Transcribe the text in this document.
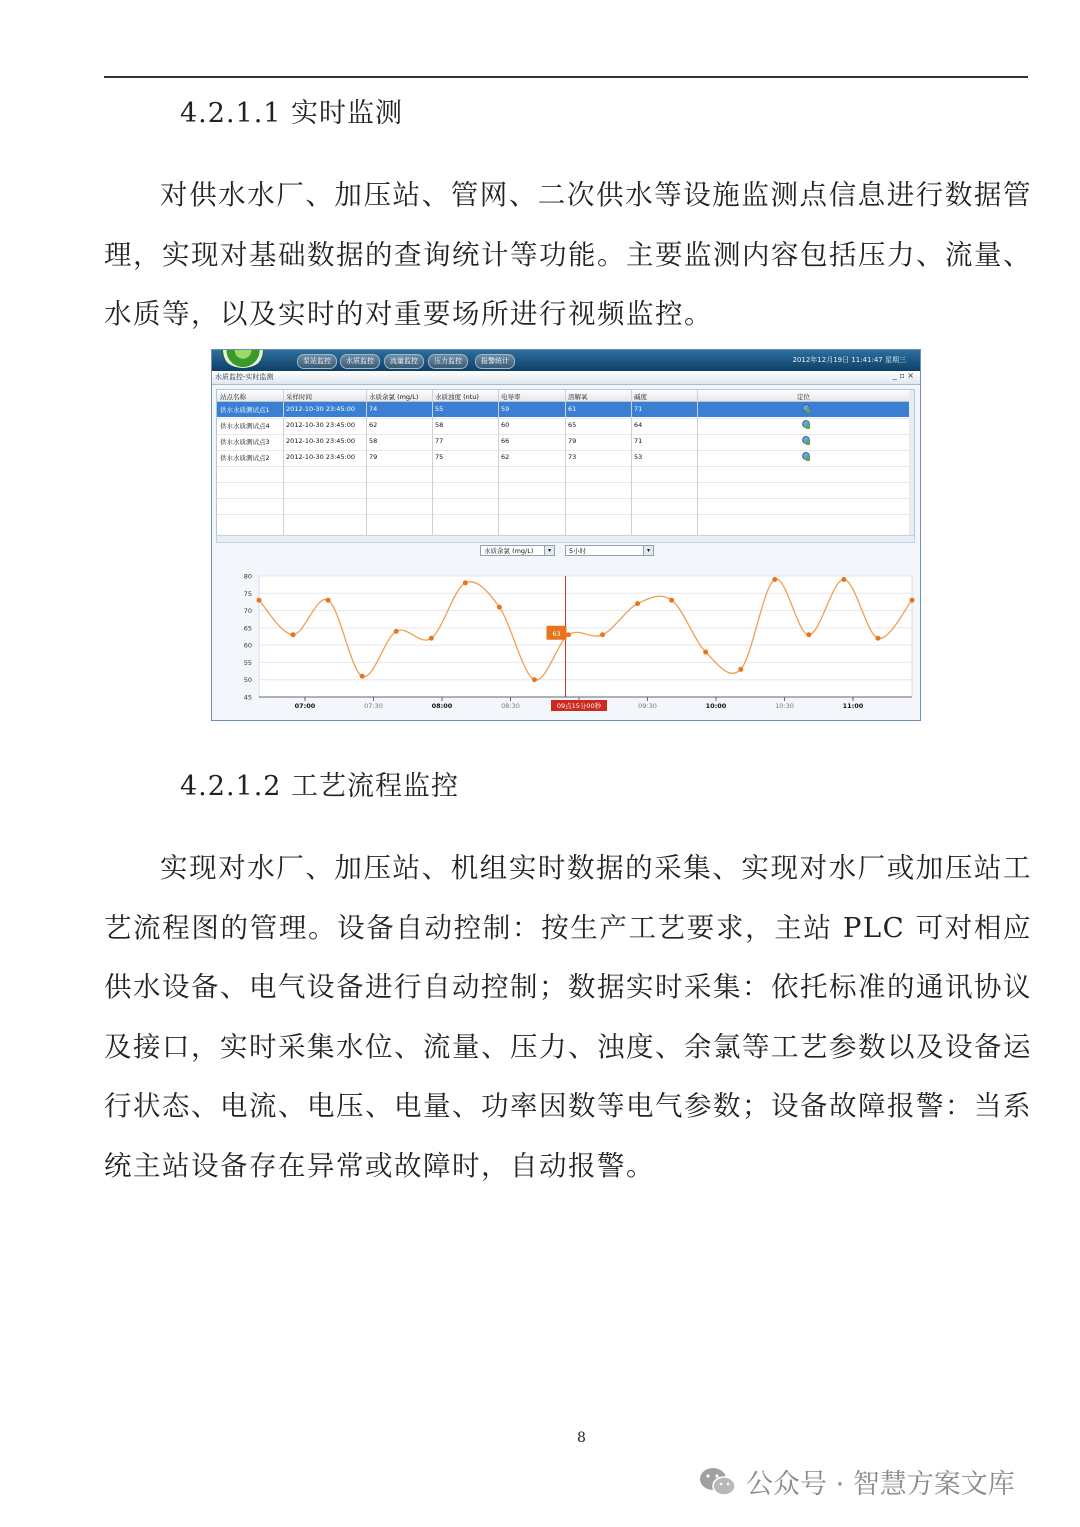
4.2.1.1 实时监测
对供水水厂、加压站、管网、二次供水等设施监测点信息进行数据管理，实现对基础数据的查询统计等功能。主要监测内容包括压力、流量、水质等，以及实时的对重要场所进行视频监控。
泵站监控	水质监控	流量监控	压力监控	报警统计	2012年12月19日 11:41:47 星期三
水质监控-实时监测	_ ▫ ×
站点名称	采样时间	水质余氯 (mg/L)	水质浊度 (ntu)	电导率	溶解氧	碱度	定位
供水水质测试点1	2012-10-30 23:45:00 74	55	59	61	71
供水水质测试点4	2012-10-30 23:45:00 62	58	60	65	64
供水水质测试点3	2012-10-30 23:45:00 58	77	66	79	71
供水水质测试点2	2012-10-30 23:45:00 79	75	62	73	53
水质余氯 (mg/L)	▾	5小时	▾
45
50
55
60
65
70
75
80
07:00	07:30	08:00	08:30	09点15分00秒	09:30	10:00	10:30	11:00
63
4.2.1.2 工艺流程监控
实现对水厂、加压站、机组实时数据的采集、实现对水厂或加压站工艺流程图的管理。设备自动控制：按生产工艺要求，主站 PLC 可对相应供水设备、电气设备进行自动控制；数据实时采集：依托标准的通讯协议及接口，实时采集水位、流量、压力、浊度、余氯等工艺参数以及设备运行状态、电流、电压、电量、功率因数等电气参数；设备故障报警：当系统主站设备存在异常或故障时，自动报警。
8
公众号 · 智慧方案文库
